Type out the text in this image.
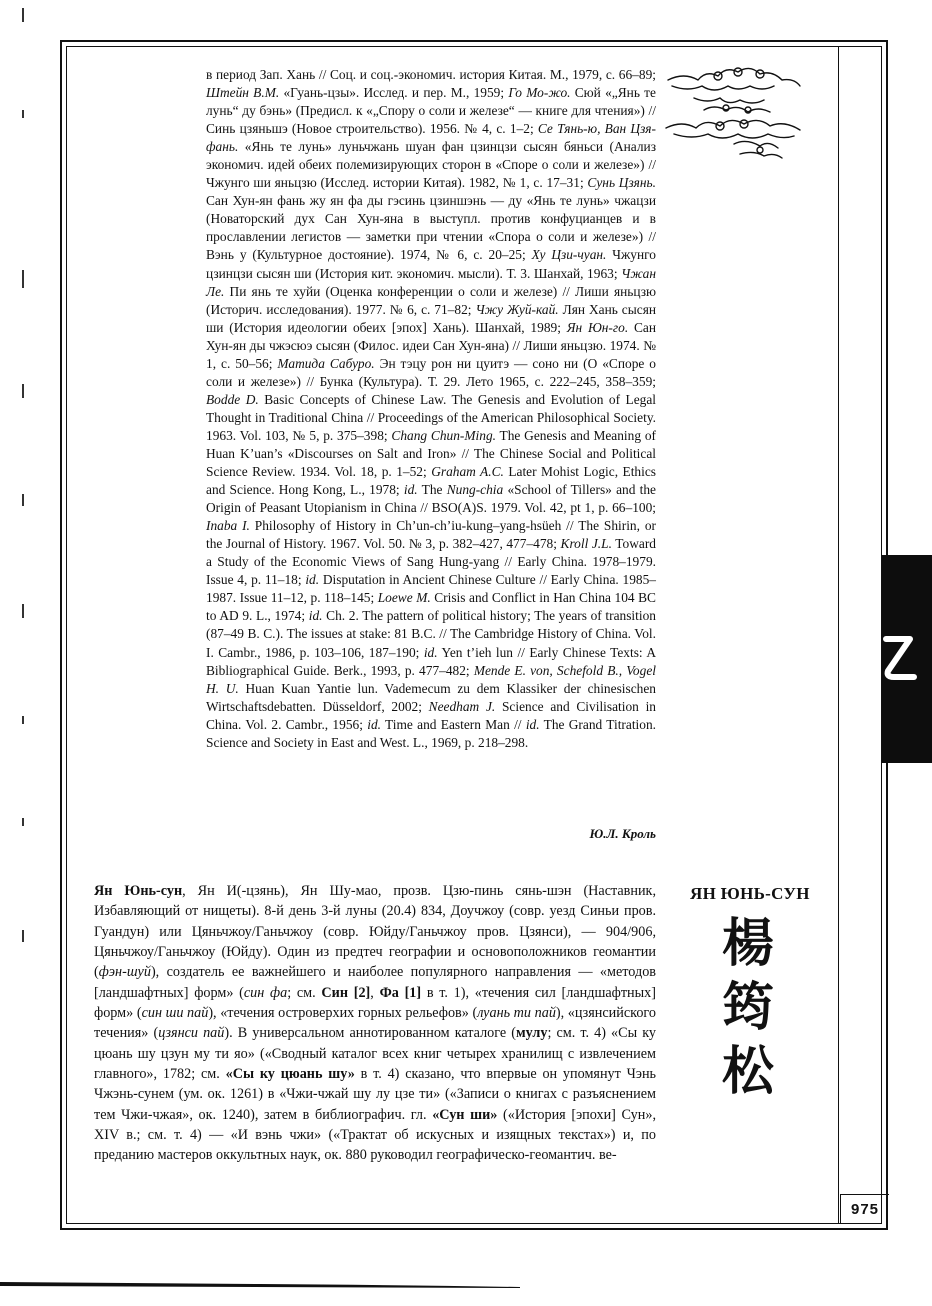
в период Зап. Хань // Соц. и соц.-экономич. история Китая. М., 1979, с. 66–89; Штейн В.М. «Гуань-цзы». Исслед. и пер. М., 1959; Го Мо-жо. Сюй «„Янь те лунь“ ду бэнь» (Предисл. к «„Спору о соли и железе“ — книге для чтения») // Синь цзяньшэ (Новое строительство). 1956. № 4, с. 1–2; Се Тянь-ю, Ван Цзя-фань. «Янь те лунь» луньчжань шуан фан цзинцзи сысян бяньси (Анализ экономич. идей обеих полемизирующих сторон в «Споре о соли и железе») // Чжунго ши яньцзю (Исслед. истории Китая). 1982, № 1, с. 17–31; Сунь Цзянь. Сан Хун-ян фань жу ян фа ды гэсинь цзиншэнь — ду «Янь те лунь» чжацзи (Новаторский дух Сан Хун-яна в выступл. против конфуцианцев и в прославлении легистов — заметки при чтении «Спора о соли и железе») // Вэнь у (Культурное достояние). 1974, № 6, с. 20–25; Ху Цзи-чуан. Чжунго цзинцзи сысян ши (История кит. экономич. мысли). Т. 3. Шанхай, 1963; Чжан Ле. Пи янь те хуйи (Оценка конференции о соли и железе) // Лиши яньцзю (Историч. исследования). 1977. № 6, с. 71–82; Чжу Жуй-кай. Лян Хань сысян ши (История идеологии обеих [эпох] Хань). Шанхай, 1989; Ян Юн-го. Сан Хун-ян ды чжэсюэ сысян (Филос. идеи Сан Хун-яна) // Лиши яньцзю. 1974. № 1, с. 50–56; Матида Сабуро. Эн тэцу рон ни цуитэ — соно ни (О «Споре о соли и железе») // Бунка (Культура). Т. 29. Лето 1965, с. 222–245, 358–359; Bodde D. Basic Concepts of Chinese Law. The Genesis and Evolution of Legal Thought in Traditional China // Proceedings of the American Philosophical Society. 1963. Vol. 103, № 5, p. 375–398; Chang Chun-Ming. The Genesis and Meaning of Huan K’uan’s «Discourses on Salt and Iron» // The Chinese Social and Political Science Review. 1934. Vol. 18, p. 1–52; Graham A.C. Later Mohist Logic, Ethics and Science. Hong Kong, L., 1978; id. The Nung-chia «School of Tillers» and the Origin of Peasant Utopianism in China // BSO(A)S. 1979. Vol. 42, pt 1, p. 66–100; Inaba I. Philosophy of History in Ch’un-ch’iu-kung–yang-hsüeh // The Shirin, or the Journal of History. 1967. Vol. 50. № 3, p. 382–427, 477–478; Kroll J.L. Toward a Study of the Economic Views of Sang Hung-yang // Early China. 1978–1979. Issue 4, p. 11–18; id. Disputation in Ancient Chinese Culture // Early China. 1985–1987. Issue 11–12, p. 118–145; Loewe M. Crisis and Conflict in Han China 104 BC to AD 9. L., 1974; id. Ch. 2. The pattern of political history; The years of transition (87–49 B. C.). The issues at stake: 81 B.C. // The Cambridge History of China. Vol. I. Cambr., 1986, p. 103–106, 187–190; id. Yen t’ieh lun // Early Chinese Texts: A Bibliographical Guide. Berk., 1993, p. 477–482; Mende E. von, Schefold B., Vogel H. U. Huan Kuan Yantie lun. Vademecum zu dem Klassiker der chinesischen Wirtschaftsdebatten. Düsseldorf, 2002; Needham J. Science and Civilisation in China. Vol. 2. Cambr., 1956; id. Time and Eastern Man // id. The Grand Titration. Science and Society in East and West. L., 1969, p. 218–298.

Ю.Л. Кроль

Ян Юнь-сун, Ян И(-цзянь), Ян Шу-мао, прозв. Цзю-пинь сянь-шэн (Наставник, Избавляющий от нищеты). 8-й день 3-й луны (20.4) 834, Доучжоу (совр. уезд Синьи пров. Гуандун) или Цяньчжоу/Ганьчжоу (совр. Юйду/Ганьчжоу пров. Цзянси), — 904/906, Цяньчжоу/Ганьчжоу (Юйду). Один из предтеч географии и основоположников геомантии (фэн-шуй), создатель ее важнейшего и наиболее популярного направления — «методов [ландшафтных] форм» (син фа; см. Син [2], Фа [1] в т. 1), «течения сил [ландшафтных] форм» (син ши пай), «течения островерхих горных рельефов» (луань ти пай), «цзянсийского течения» (цзянси пай). В универсальном аннотированном каталоге (мулу; см. т. 4) «Сы ку цюань шу цзун му ти яо» («Сводный каталог всех книг четырех хранилищ с извлечением главного», 1782; см. «Сы ку цюань шу» в т. 4) сказано, что впервые он упомянут Чэнь Чжэнь-сунем (ум. ок. 1261) в «Чжи-чжай шу лу цзе ти» («Записи о книгах с разъяснением тем Чжи-чжая», ок. 1240), затем в библиографич. гл. «Сун ши» («История [эпохи] Сун», XIV в.; см. т. 4) — «И вэнь чжи» («Трактат об искусных и изящных текстах») и, по преданию мастеров оккультных наук, ок. 880 руководил географическо-геомантич. ве-

ЯН ЮНЬ-СУН
楊
筠
松
975
